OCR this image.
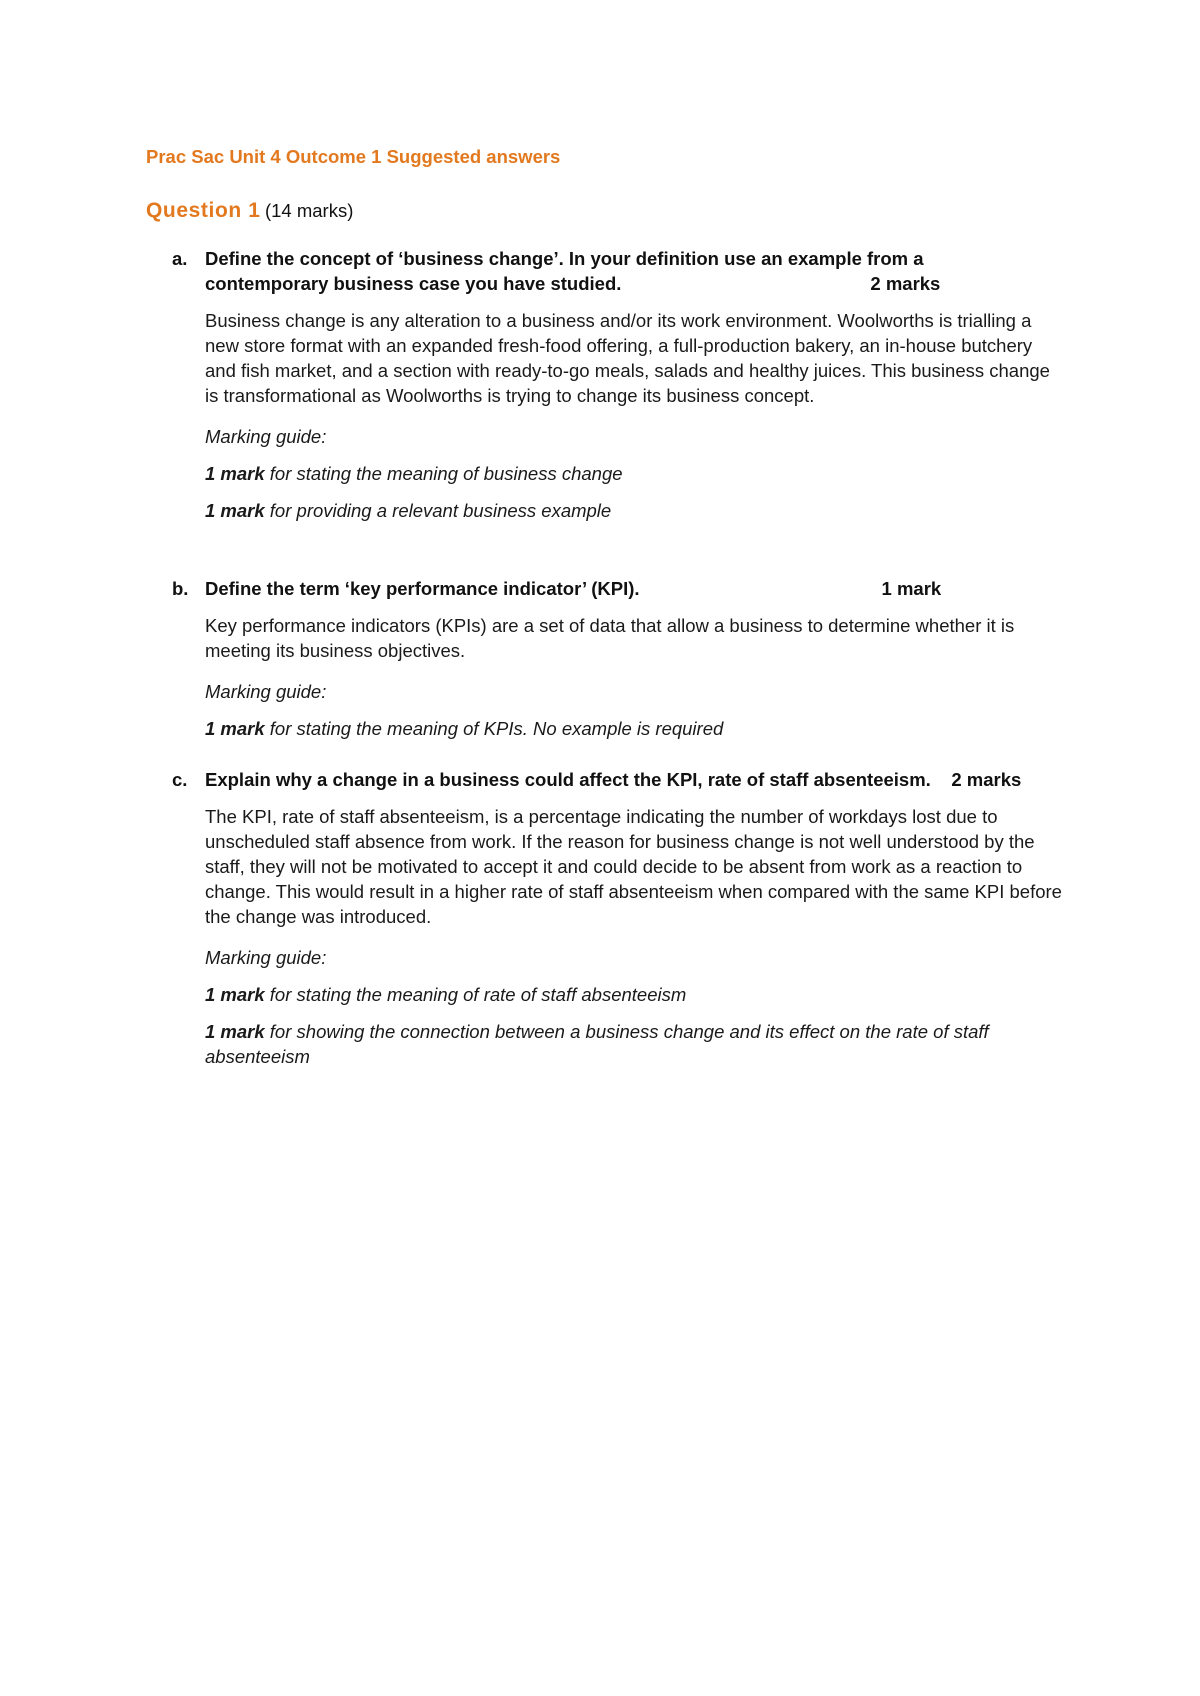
Prac Sac Unit 4 Outcome 1 Suggested answers
Question 1 (14 marks)
a. Define the concept of ‘business change’. In your definition use an example from a
contemporary business case you have studied.	2 marks

Business change is any alteration to a business and/or its work environment. Woolworths is trialling a new store format with an expanded fresh-food offering, a full-production bakery, an in-house butchery and fish market, and a section with ready-to-go meals, salads and healthy juices. This business change is transformational as Woolworths is trying to change its business concept.

Marking guide:

1 mark for stating the meaning of business change

1 mark for providing a relevant business example

b. Define the term ‘key performance indicator’ (KPI).	1 mark

Key performance indicators (KPIs) are a set of data that allow a business to determine whether it is meeting its business objectives.

Marking guide:

1 mark for stating the meaning of KPIs. No example is required

c. Explain why a change in a business could affect the KPI, rate of staff absenteeism. 2 marks

The KPI, rate of staff absenteeism, is a percentage indicating the number of workdays lost due to unscheduled staff absence from work. If the reason for business change is not well understood by the staff, they will not be motivated to accept it and could decide to be absent from work as a reaction to change. This would result in a higher rate of staff absenteeism when compared with the same KPI before the change was introduced.

Marking guide:

1 mark for stating the meaning of rate of staff absenteeism

1 mark for showing the connection between a business change and its effect on the rate of staff absenteeism
